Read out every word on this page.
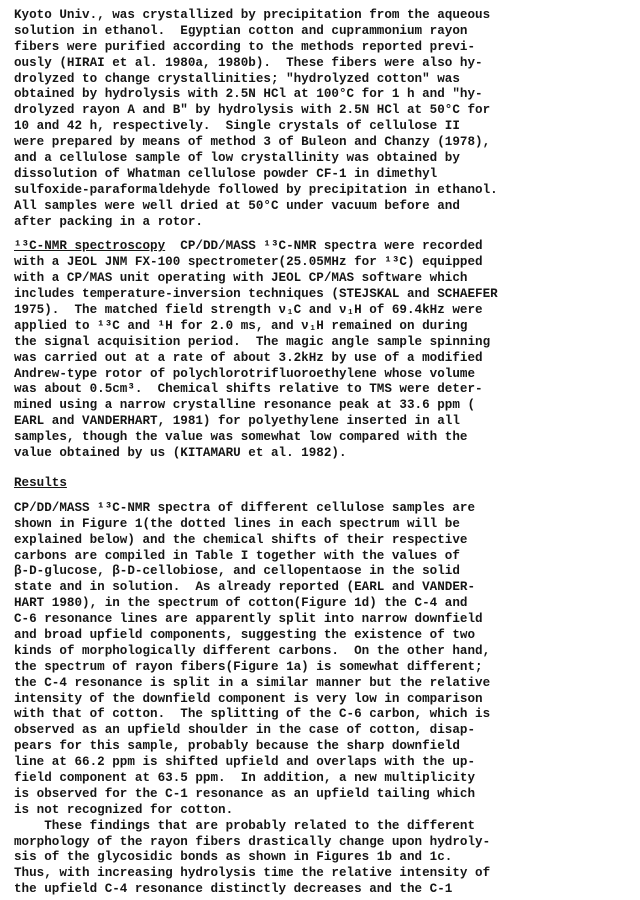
Kyoto Univ., was crystallized by precipitation from the aqueous
solution in ethanol.  Egyptian cotton and cuprammonium rayon
fibers were purified according to the methods reported previ-
ously (HIRAI et al. 1980a, 1980b).  These fibers were also hy-
drolyzed to change crystallinities; "hydrolyzed cotton" was
obtained by hydrolysis with 2.5N HCl at 100°C for 1 h and "hy-
drolyzed rayon A and B" by hydrolysis with 2.5N HCl at 50°C for
10 and 42 h, respectively.  Single crystals of cellulose II
were prepared by means of method 3 of Buleon and Chanzy (1978),
and a cellulose sample of low crystallinity was obtained by
dissolution of Whatman cellulose powder CF-1 in dimethyl
sulfoxide-paraformaldehyde followed by precipitation in ethanol.
All samples were well dried at 50°C under vacuum before and
after packing in a rotor.
¹³C-NMR spectroscopy  CP/DD/MASS ¹³C-NMR spectra were recorded
with a JEOL JNM FX-100 spectrometer(25.05MHz for ¹³C) equipped
with a CP/MAS unit operating with JEOL CP/MAS software which
includes temperature-inversion techniques (STEJSKAL and SCHAEFER
1975).  The matched field strength ν₁C and ν₁H of 69.4kHz were
applied to ¹³C and ¹H for 2.0 ms, and ν₁H remained on during
the signal acquisition period.  The magic angle sample spinning
was carried out at a rate of about 3.2kHz by use of a modified
Andrew-type rotor of polychlorotrifluoroethylene whose volume
was about 0.5cm³.  Chemical shifts relative to TMS were deter-
mined using a narrow crystalline resonance peak at 33.6 ppm (
EARL and VANDERHART, 1981) for polyethylene inserted in all
samples, though the value was somewhat low compared with the
value obtained by us (KITAMARU et al. 1982).
Results
CP/DD/MASS ¹³C-NMR spectra of different cellulose samples are
shown in Figure 1(the dotted lines in each spectrum will be
explained below) and the chemical shifts of their respective
carbons are compiled in Table I together with the values of
β-D-glucose, β-D-cellobiose, and cellopentaose in the solid
state and in solution.  As already reported (EARL and VANDER-
HART 1980), in the spectrum of cotton(Figure 1d) the C-4 and
C-6 resonance lines are apparently split into narrow downfield
and broad upfield components, suggesting the existence of two
kinds of morphologically different carbons.  On the other hand,
the spectrum of rayon fibers(Figure 1a) is somewhat different;
the C-4 resonance is split in a similar manner but the relative
intensity of the downfield component is very low in comparison
with that of cotton.  The splitting of the C-6 carbon, which is
observed as an upfield shoulder in the case of cotton, disap-
pears for this sample, probably because the sharp downfield
line at 66.2 ppm is shifted upfield and overlaps with the up-
field component at 63.5 ppm.  In addition, a new multiplicity
is observed for the C-1 resonance as an upfield tailing which
is not recognized for cotton.
These findings that are probably related to the different
morphology of the rayon fibers drastically change upon hydroly-
sis of the glycosidic bonds as shown in Figures 1b and 1c.
Thus, with increasing hydrolysis time the relative intensity of
the upfield C-4 resonance distinctly decreases and the C-1
